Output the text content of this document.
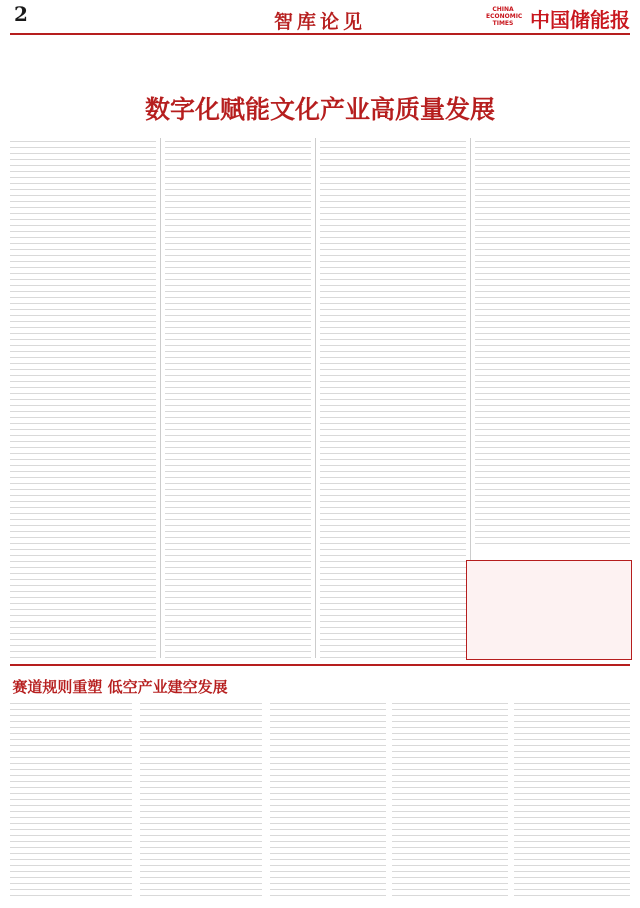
2	智库论见
CHINA ECONOMIC TIMES 中国储能报
数字化赋能文化产业高质量发展
赛道规则重塑 低空产业建空发展
